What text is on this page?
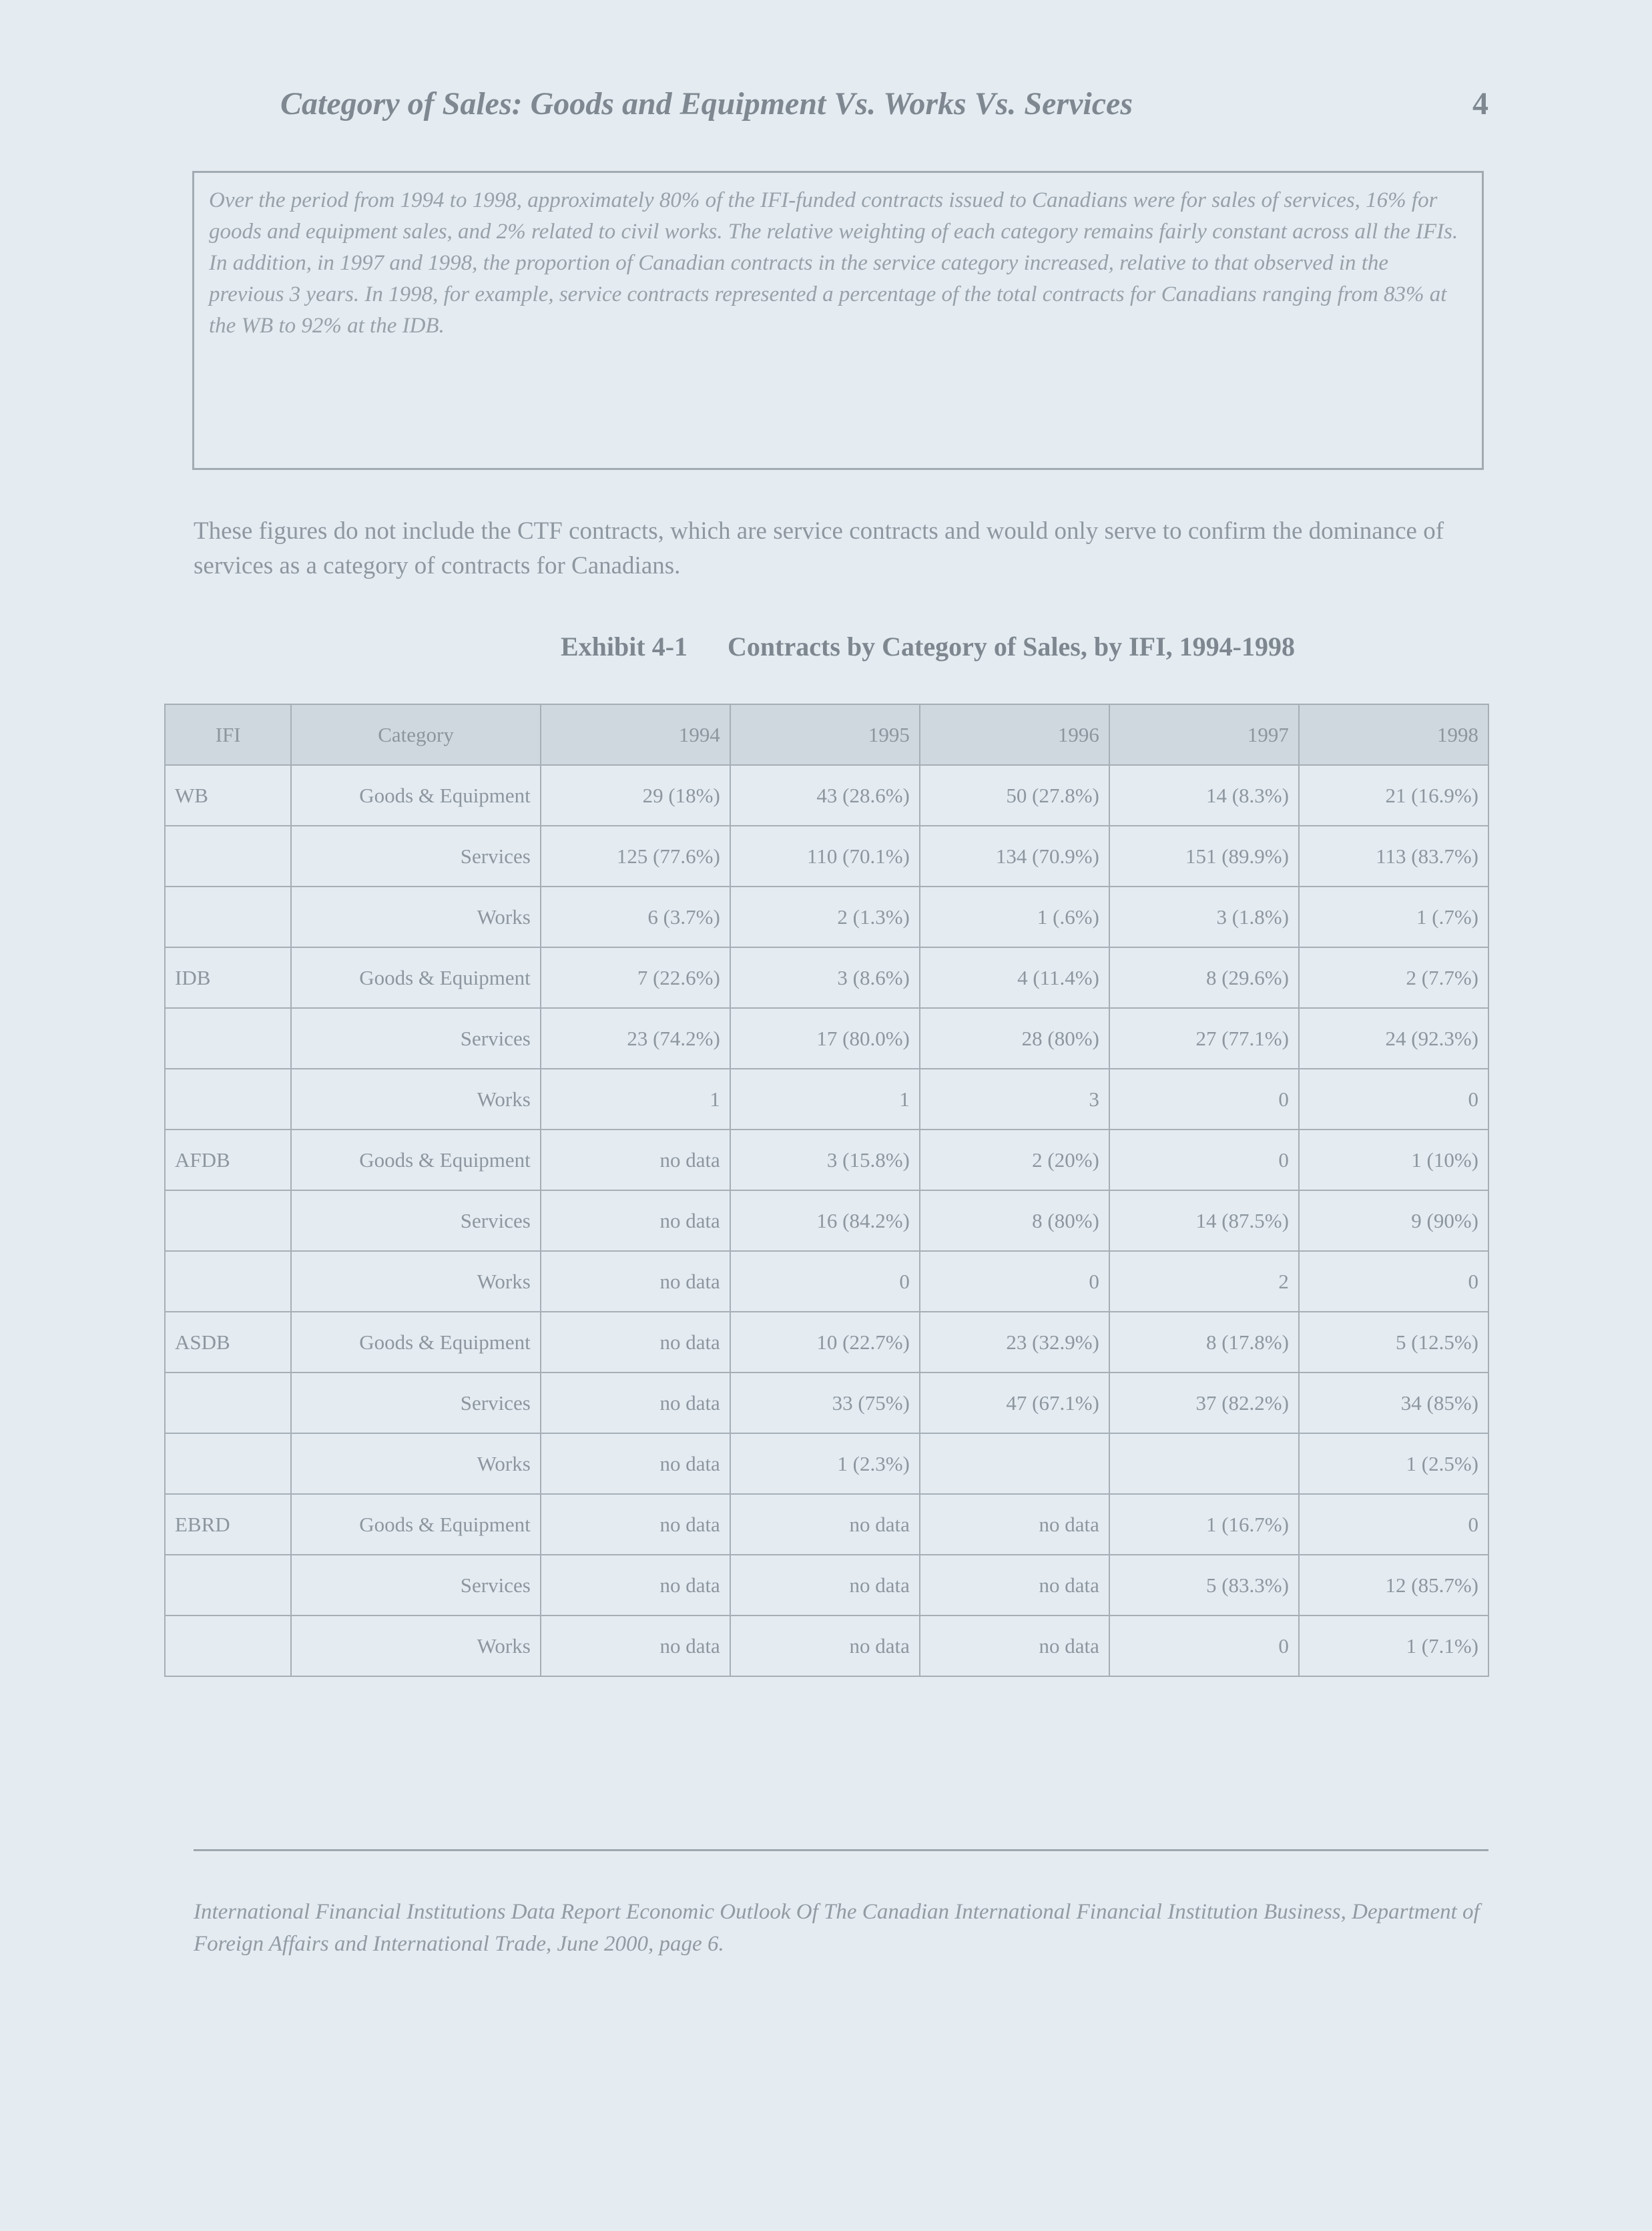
Category of Sales: Goods and Equipment Vs. Works Vs. Services	4
Over the period from 1994 to 1998, approximately 80% of the IFI-funded contracts issued to Canadians were for sales of services, 16% for goods and equipment sales, and 2% related to civil works. The relative weighting of each category remains fairly constant across all the IFIs. In addition, in 1997 and 1998, the proportion of Canadian contracts in the service category increased, relative to that observed in the previous 3 years. In 1998, for example, service contracts represented a percentage of the total contracts for Canadians ranging from 83% at the WB to 92% at the IDB.
These figures do not include the CTF contracts, which are service contracts and would only serve to confirm the dominance of services as a category of contracts for Canadians.
Exhibit 4-1 Contracts by Category of Sales, by IFI, 1994-1998
IFI	Category	1994	1995	1996	1997	1998
WB	Goods & Equipment	29 (18%)	43 (28.6%)	50 (27.8%)	14 (8.3%)	21 (16.9%)
	Services	125 (77.6%)	110 (70.1%)	134 (70.9%)	151 (89.9%)	113 (83.7%)
	Works	6 (3.7%)	2 (1.3%)	1 (.6%)	3 (1.8%)	1 (.7%)
IDB	Goods & Equipment	7 (22.6%)	3 (8.6%)	4 (11.4%)	8 (29.6%)	2 (7.7%)
	Services	23 (74.2%)	17 (80.0%)	28 (80%)	27 (77.1%)	24 (92.3%)
	Works	1	1	3	0	0
AFDB	Goods & Equipment	no data	3 (15.8%)	2 (20%)	0	1 (10%)
	Services	no data	16 (84.2%)	8 (80%)	14 (87.5%)	9 (90%)
	Works	no data	0	0	2	0
ASDB	Goods & Equipment	no data	10 (22.7%)	23 (32.9%)	8 (17.8%)	5 (12.5%)
	Services	no data	33 (75%)	47 (67.1%)	37 (82.2%)	34 (85%)
	Works	no data	1 (2.3%)			1 (2.5%)
EBRD	Goods & Equipment	no data	no data	no data	1 (16.7%)	0
	Services	no data	no data	no data	5 (83.3%)	12 (85.7%)
	Works	no data	no data	no data	0	1 (7.1%)
International Financial Institutions Data Report Economic Outlook Of The Canadian International Financial Institution Business, Department of Foreign Affairs and International Trade, June 2000, page 6.
